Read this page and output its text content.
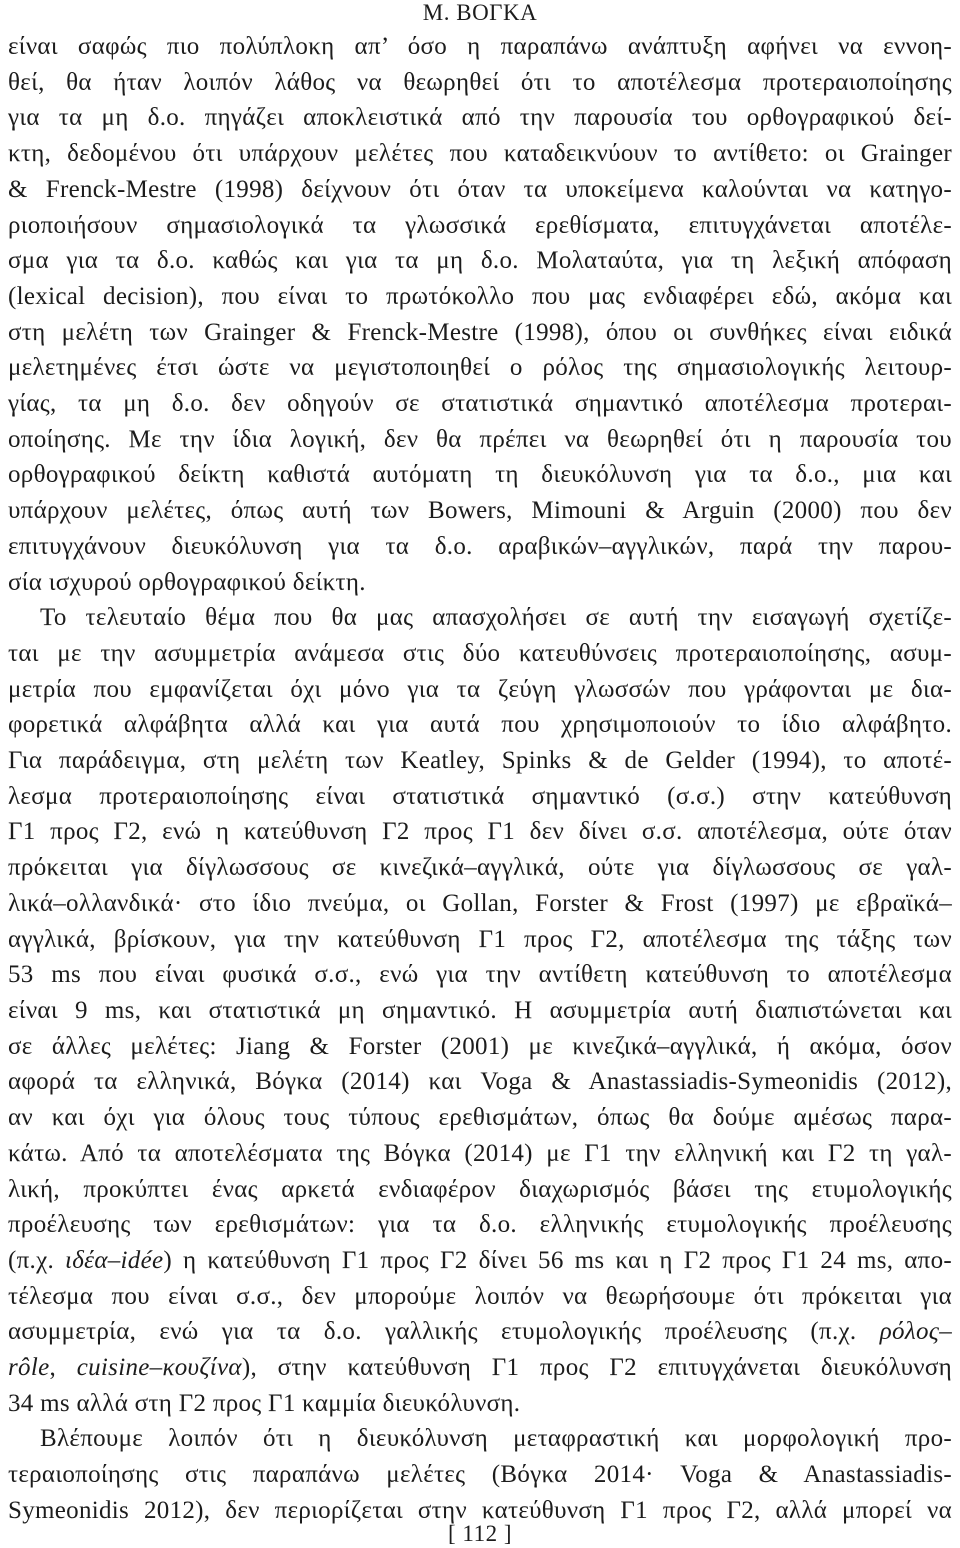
Μ. ΒΟΓΚΑ
είναι σαφώς πιο πολύπλοκη απ’ όσο η παραπάνω ανάπτυξη αφήνει να εννοη-
θεί, θα ήταν λοιπόν λάθος να θεωρηθεί ότι το αποτέλεσμα προτεραιοποίησης
για τα μη δ.ο. πηγάζει αποκλειστικά από την παρουσία του ορθογραφικού δεί-
κτη, δεδομένου ότι υπάρχουν μελέτες που καταδεικνύουν το αντίθετο: οι Grainger
& Frenck-Mestre (1998) δείχνουν ότι όταν τα υποκείμενα καλούνται να κατηγο-
ριοποιήσουν σημασιολογικά τα γλωσσικά ερεθίσματα, επιτυγχάνεται αποτέλε-
σμα για τα δ.ο. καθώς και για τα μη δ.ο. Μολαταύτα, για τη λεξική απόφαση
(lexical decision), που είναι το πρωτόκολλο που μας ενδιαφέρει εδώ, ακόμα και
στη μελέτη των Grainger & Frenck-Mestre (1998), όπου οι συνθήκες είναι ειδικά
μελετημένες έτσι ώστε να μεγιστοποιηθεί ο ρόλος της σημασιολογικής λειτουρ-
γίας, τα μη δ.ο. δεν οδηγούν σε στατιστικά σημαντικό αποτέλεσμα προτεραι-
οποίησης. Με την ίδια λογική, δεν θα πρέπει να θεωρηθεί ότι η παρουσία του
ορθογραφικού δείκτη καθιστά αυτόματη τη διευκόλυνση για τα δ.ο., μια και
υπάρχουν μελέτες, όπως αυτή των Bowers, Mimouni & Arguin (2000) που δεν
επιτυγχάνουν διευκόλυνση για τα δ.ο. αραβικών–αγγλικών, παρά την παρου-
σία ισχυρού ορθογραφικού δείκτη.
Το τελευταίο θέμα που θα μας απασχολήσει σε αυτή την εισαγωγή σχετίζε-
ται με την ασυμμετρία ανάμεσα στις δύο κατευθύνσεις προτεραιοποίησης, ασυμ-
μετρία που εμφανίζεται όχι μόνο για τα ζεύγη γλωσσών που γράφονται με δια-
φορετικά αλφάβητα αλλά και για αυτά που χρησιμοποιούν το ίδιο αλφάβητο.
Για παράδειγμα, στη μελέτη των Keatley, Spinks & de Gelder (1994), το αποτέ-
λεσμα προτεραιοποίησης είναι στατιστικά σημαντικό (σ.σ.) στην κατεύθυνση
Γ1 προς Γ2, ενώ η κατεύθυνση Γ2 προς Γ1 δεν δίνει σ.σ. αποτέλεσμα, ούτε όταν
πρόκειται για δίγλωσσους σε κινεζικά–αγγλικά, ούτε για δίγλωσσους σε γαλ-
λικά–ολλανδικά· στο ίδιο πνεύμα, οι Gollan, Forster & Frost (1997) με εβραϊκά–
αγγλικά, βρίσκουν, για την κατεύθυνση Γ1 προς Γ2, αποτέλεσμα της τάξης των
53 ms που είναι φυσικά σ.σ., ενώ για την αντίθετη κατεύθυνση το αποτέλεσμα
είναι 9 ms, και στατιστικά μη σημαντικό. Η ασυμμετρία αυτή διαπιστώνεται και
σε άλλες μελέτες: Jiang & Forster (2001) με κινεζικά–αγγλικά, ή ακόμα, όσον
αφορά τα ελληνικά, Βόγκα (2014) και Voga & Anastassiadis-Symeonidis (2012),
αν και όχι για όλους τους τύπους ερεθισμάτων, όπως θα δούμε αμέσως παρα-
κάτω. Από τα αποτελέσματα της Βόγκα (2014) με Γ1 την ελληνική και Γ2 τη γαλ-
λική, προκύπτει ένας αρκετά ενδιαφέρον διαχωρισμός βάσει της ετυμολογικής
προέλευσης των ερεθισμάτων: για τα δ.ο. ελληνικής ετυμολογικής προέλευσης
(π.χ. ιδέα–idée) η κατεύθυνση Γ1 προς Γ2 δίνει 56 ms και η Γ2 προς Γ1 24 ms, απο-
τέλεσμα που είναι σ.σ., δεν μπορούμε λοιπόν να θεωρήσουμε ότι πρόκειται για
ασυμμετρία, ενώ για τα δ.ο. γαλλικής ετυμολογικής προέλευσης (π.χ. ρόλος–
rôle, cuisine–κουζίνα), στην κατεύθυνση Γ1 προς Γ2 επιτυγχάνεται διευκόλυνση
34 ms αλλά στη Γ2 προς Γ1 καμμία διευκόλυνση.
Βλέπουμε λοιπόν ότι η διευκόλυνση μεταφραστική και μορφολογική προ-
τεραιοποίησης στις παραπάνω μελέτες (Βόγκα 2014· Voga & Anastassiadis-
Symeonidis 2012), δεν περιορίζεται στην κατεύθυνση Γ1 προς Γ2, αλλά μπορεί να
[ 112 ]
